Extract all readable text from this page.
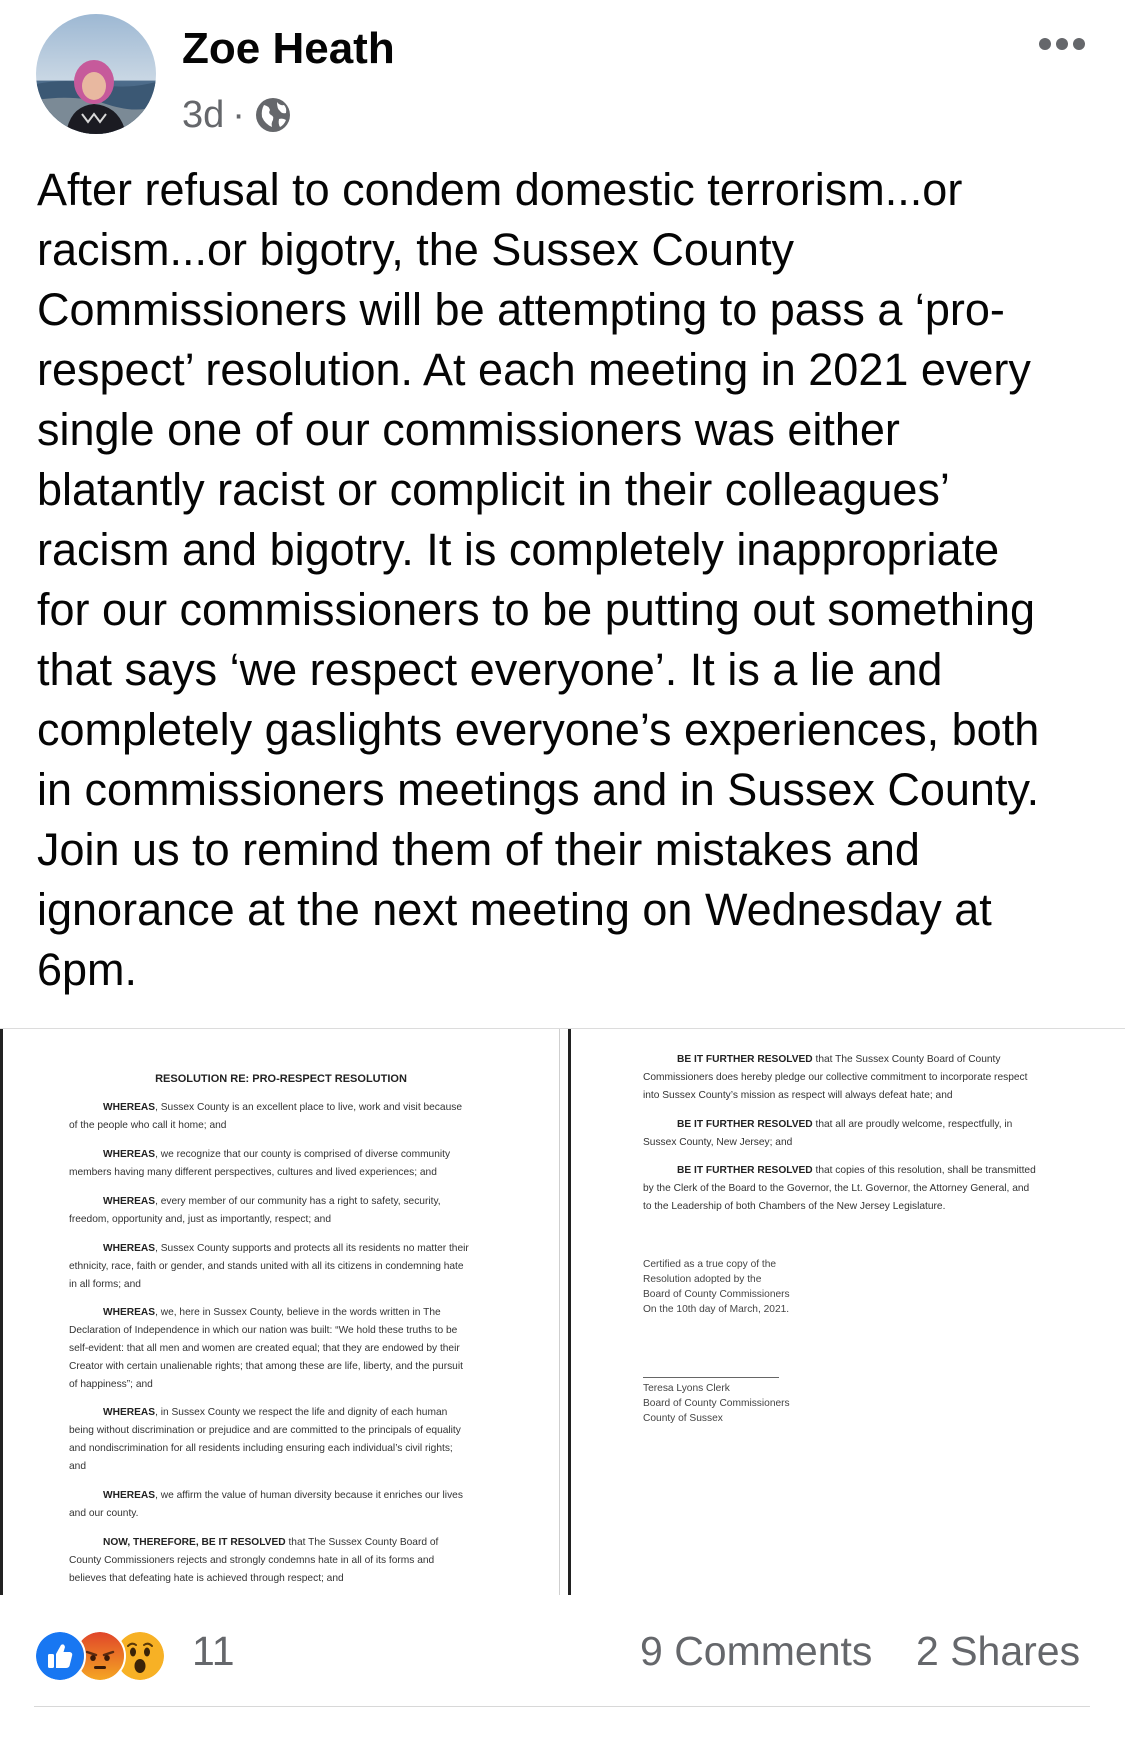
Zoe Heath
3d ·
After refusal to condem domestic terrorism...or
racism...or bigotry, the Sussex County
Commissioners will be attempting to pass a ‘pro-
respect’ resolution. At each meeting in 2021 every
single one of our commissioners was either
blatantly racist or complicit in their colleagues’
racism and bigotry. It is completely inappropriate
for our commissioners to be putting out something
that says ‘we respect everyone’. It is a lie and
completely gaslights everyone’s experiences, both
in commissioners meetings and in Sussex County.
Join us to remind them of their mistakes and
ignorance at the next meeting on Wednesday at
6pm.
RESOLUTION RE: PRO-RESPECT RESOLUTION

WHEREAS, Sussex County is an excellent place to live, work and visit because
of the people who call it home; and

WHEREAS, we recognize that our county is comprised of diverse community
members having many different perspectives, cultures and lived experiences; and

WHEREAS, every member of our community has a right to safety, security,
freedom, opportunity and, just as importantly, respect; and

WHEREAS, Sussex County supports and protects all its residents no matter their
ethnicity, race, faith or gender, and stands united with all its citizens in condemning hate
in all forms; and

WHEREAS, we, here in Sussex County, believe in the words written in The
Declaration of Independence in which our nation was built: “We hold these truths to be
self-evident: that all men and women are created equal; that they are endowed by their
Creator with certain unalienable rights; that among these are life, liberty, and the pursuit
of happiness”; and

WHEREAS, in Sussex County we respect the life and dignity of each human
being without discrimination or prejudice and are committed to the principals of equality
and nondiscrimination for all residents including ensuring each individual’s civil rights;
and

WHEREAS, we affirm the value of human diversity because it enriches our lives
and our county.

NOW, THEREFORE, BE IT RESOLVED that The Sussex County Board of
County Commissioners rejects and strongly condemns hate in all of its forms and
believes that defeating hate is achieved through respect; and

BE IT FURTHER RESOLVED that The Sussex County Board of County
Commissioners does hereby pledge our collective commitment to incorporate respect
into Sussex County’s mission as respect will always defeat hate; and

BE IT FURTHER RESOLVED that all are proudly welcome, respectfully, in
Sussex County, New Jersey; and

BE IT FURTHER RESOLVED that copies of this resolution, shall be transmitted
by the Clerk of the Board to the Governor, the Lt. Governor, the Attorney General, and
to the Leadership of both Chambers of the New Jersey Legislature.

Certified as a true copy of the
Resolution adopted by the
Board of County Commissioners
On the 10th day of March, 2021.
Teresa Lyons Clerk
Board of County Commissioners
County of Sussex
11	9 Comments 2 Shares
